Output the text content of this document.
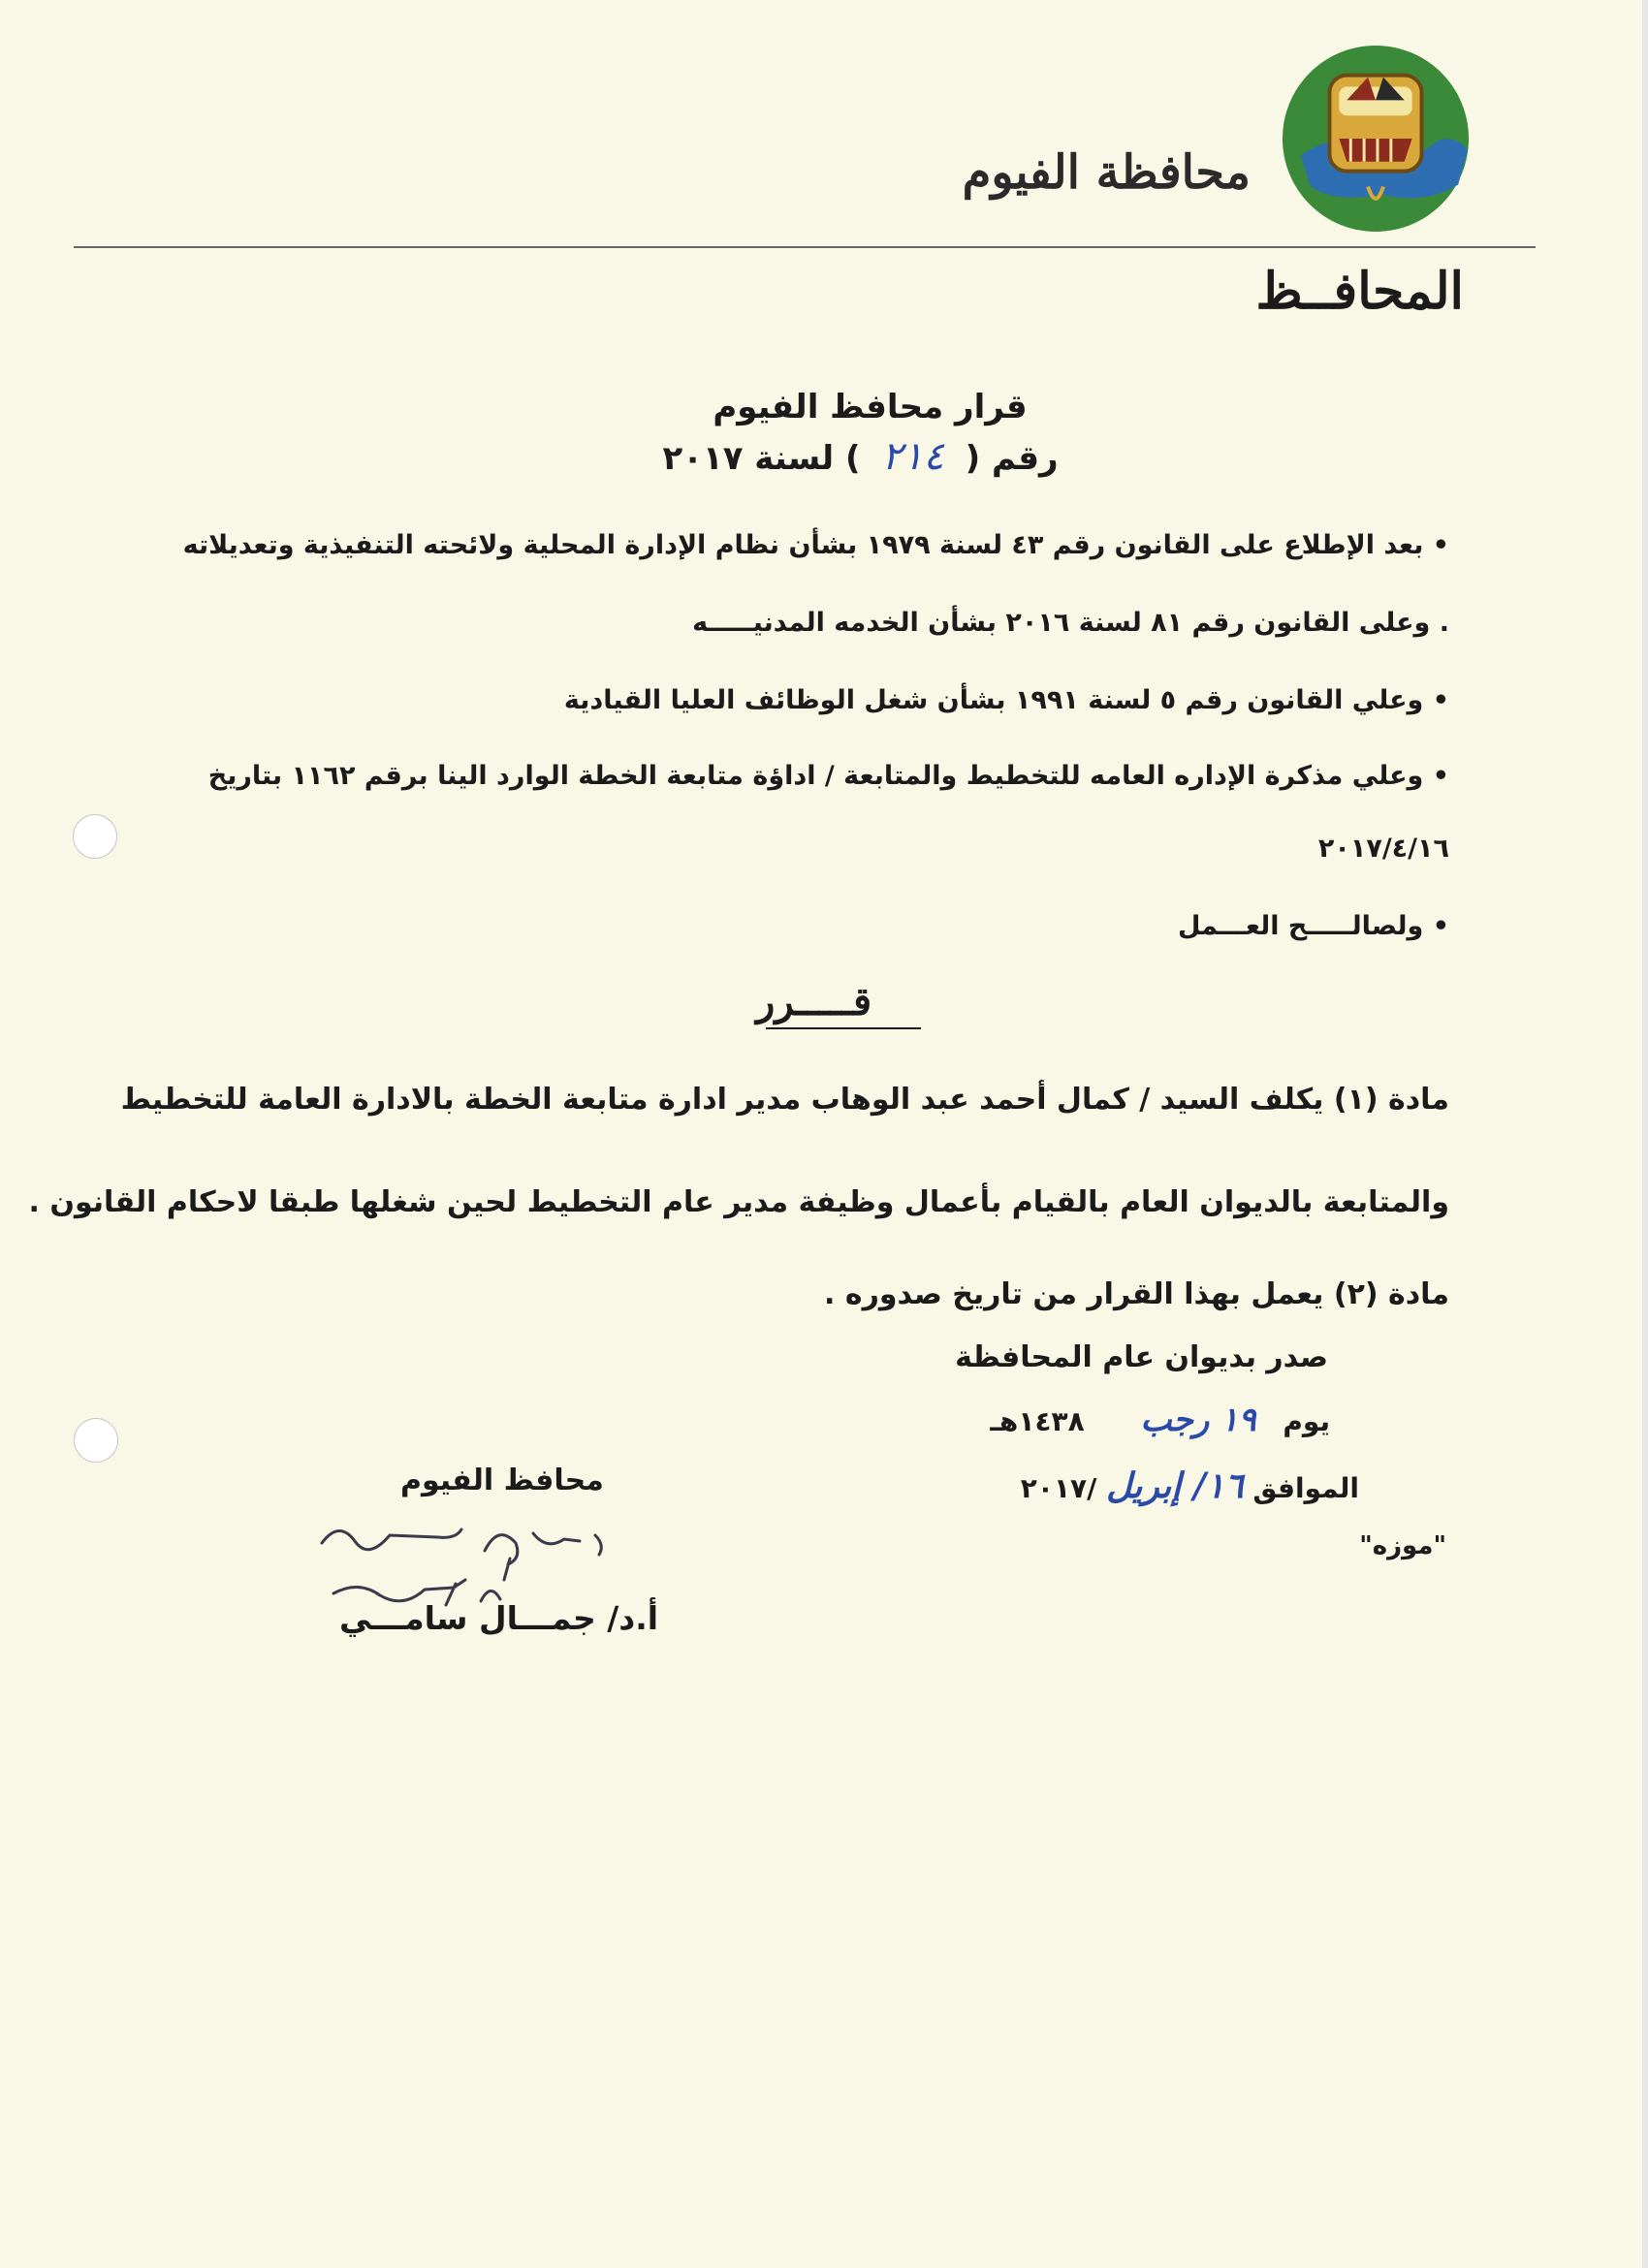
محافظة الفيوم
المحافــظ
قرار محافظ الفيوم
رقم ( ٢١٤ ) لسنة ٢٠١٧
• بعد الإطلاع على القانون رقم ٤٣ لسنة ١٩٧٩ بشأن نظام الإدارة المحلية ولائحته التنفيذية وتعديلاته
. وعلى القانون رقم ٨١ لسنة ٢٠١٦ بشأن الخدمه المدنيـــــه
• وعلي القانون رقم ٥ لسنة ١٩٩١ بشأن شغل الوظائف العليا القيادية
• وعلي مذكرة الإداره العامه للتخطيط والمتابعة / اداؤة متابعة الخطة الوارد الينا برقم ١١٦٢ بتاريخ
٢٠١٧/٤/١٦
• ولصالـــــح العـــمل
قـــــرر
مادة (١) يكلف السيد / كمال أحمد عبد الوهاب مدير ادارة متابعة الخطة بالادارة العامة للتخطيط
والمتابعة بالديوان العام بالقيام بأعمال وظيفة مدير عام التخطيط لحين شغلها طبقا لاحكام القانون .
مادة (٢) يعمل بهذا القرار من تاريخ صدوره .
صدر بديوان عام المحافظة
يوم ١٩ رجب ١٤٣٨هـ
الموافق ١٦/ إبريل /٢٠١٧
"موزه"
محافظ الفيوم
أ.د/ جمـــال سامـــي
